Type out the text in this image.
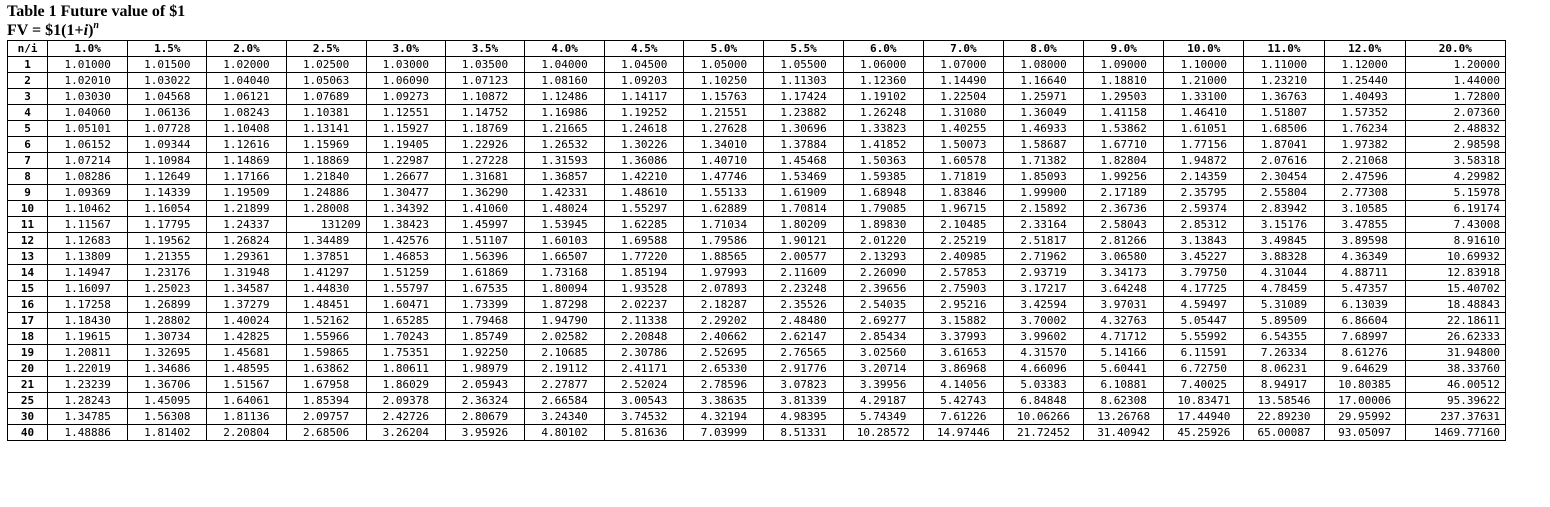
Table 1 Future value of $1
FV = $\$1(1+i)^n$
n/i	1.0%	1.5%	2.0%	2.5%	3.0%	3.5%	4.0%	4.5%	5.0%	5.5%	6.0%	7.0%	8.0%	9.0%	10.0%	11.0%	12.0%	20.0%
1	1.01000	1.01500	1.02000	1.02500	1.03000	1.03500	1.04000	1.04500	1.05000	1.05500	1.06000	1.07000	1.08000	1.09000	1.10000	1.11000	1.12000	1.20000
2	1.02010	1.03022	1.04040	1.05063	1.06090	1.07123	1.08160	1.09203	1.10250	1.11303	1.12360	1.14490	1.16640	1.18810	1.21000	1.23210	1.25440	1.44000
3	1.03030	1.04568	1.06121	1.07689	1.09273	1.10872	1.12486	1.14117	1.15763	1.17424	1.19102	1.22504	1.25971	1.29503	1.33100	1.36763	1.40493	1.72800
4	1.04060	1.06136	1.08243	1.10381	1.12551	1.14752	1.16986	1.19252	1.21551	1.23882	1.26248	1.31080	1.36049	1.41158	1.46410	1.51807	1.57352	2.07360
5	1.05101	1.07728	1.10408	1.13141	1.15927	1.18769	1.21665	1.24618	1.27628	1.30696	1.33823	1.40255	1.46933	1.53862	1.61051	1.68506	1.76234	2.48832
6	1.06152	1.09344	1.12616	1.15969	1.19405	1.22926	1.26532	1.30226	1.34010	1.37884	1.41852	1.50073	1.58687	1.67710	1.77156	1.87041	1.97382	2.98598
7	1.07214	1.10984	1.14869	1.18869	1.22987	1.27228	1.31593	1.36086	1.40710	1.45468	1.50363	1.60578	1.71382	1.82804	1.94872	2.07616	2.21068	3.58318
8	1.08286	1.12649	1.17166	1.21840	1.26677	1.31681	1.36857	1.42210	1.47746	1.53469	1.59385	1.71819	1.85093	1.99256	2.14359	2.30454	2.47596	4.29982
9	1.09369	1.14339	1.19509	1.24886	1.30477	1.36290	1.42331	1.48610	1.55133	1.61909	1.68948	1.83846	1.99900	2.17189	2.35795	2.55804	2.77308	5.15978
10	1.10462	1.16054	1.21899	1.28008	1.34392	1.41060	1.48024	1.55297	1.62889	1.70814	1.79085	1.96715	2.15892	2.36736	2.59374	2.83942	3.10585	6.19174
11	1.11567	1.17795	1.24337	131209	1.38423	1.45997	1.53945	1.62285	1.71034	1.80209	1.89830	2.10485	2.33164	2.58043	2.85312	3.15176	3.47855	7.43008
12	1.12683	1.19562	1.26824	1.34489	1.42576	1.51107	1.60103	1.69588	1.79586	1.90121	2.01220	2.25219	2.51817	2.81266	3.13843	3.49845	3.89598	8.91610
13	1.13809	1.21355	1.29361	1.37851	1.46853	1.56396	1.66507	1.77220	1.88565	2.00577	2.13293	2.40985	2.71962	3.06580	3.45227	3.88328	4.36349	10.69932
14	1.14947	1.23176	1.31948	1.41297	1.51259	1.61869	1.73168	1.85194	1.97993	2.11609	2.26090	2.57853	2.93719	3.34173	3.79750	4.31044	4.88711	12.83918
15	1.16097	1.25023	1.34587	1.44830	1.55797	1.67535	1.80094	1.93528	2.07893	2.23248	2.39656	2.75903	3.17217	3.64248	4.17725	4.78459	5.47357	15.40702
16	1.17258	1.26899	1.37279	1.48451	1.60471	1.73399	1.87298	2.02237	2.18287	2.35526	2.54035	2.95216	3.42594	3.97031	4.59497	5.31089	6.13039	18.48843
17	1.18430	1.28802	1.40024	1.52162	1.65285	1.79468	1.94790	2.11338	2.29202	2.48480	2.69277	3.15882	3.70002	4.32763	5.05447	5.89509	6.86604	22.18611
18	1.19615	1.30734	1.42825	1.55966	1.70243	1.85749	2.02582	2.20848	2.40662	2.62147	2.85434	3.37993	3.99602	4.71712	5.55992	6.54355	7.68997	26.62333
19	1.20811	1.32695	1.45681	1.59865	1.75351	1.92250	2.10685	2.30786	2.52695	2.76565	3.02560	3.61653	4.31570	5.14166	6.11591	7.26334	8.61276	31.94800
20	1.22019	1.34686	1.48595	1.63862	1.80611	1.98979	2.19112	2.41171	2.65330	2.91776	3.20714	3.86968	4.66096	5.60441	6.72750	8.06231	9.64629	38.33760
21	1.23239	1.36706	1.51567	1.67958	1.86029	2.05943	2.27877	2.52024	2.78596	3.07823	3.39956	4.14056	5.03383	6.10881	7.40025	8.94917	10.80385	46.00512
25	1.28243	1.45095	1.64061	1.85394	2.09378	2.36324	2.66584	3.00543	3.38635	3.81339	4.29187	5.42743	6.84848	8.62308	10.83471	13.58546	17.00006	95.39622
30	1.34785	1.56308	1.81136	2.09757	2.42726	2.80679	3.24340	3.74532	4.32194	4.98395	5.74349	7.61226	10.06266	13.26768	17.44940	22.89230	29.95992	237.37631
40	1.48886	1.81402	2.20804	2.68506	3.26204	3.95926	4.80102	5.81636	7.03999	8.51331	10.28572	14.97446	21.72452	31.40942	45.25926	65.00087	93.05097	1469.77160
